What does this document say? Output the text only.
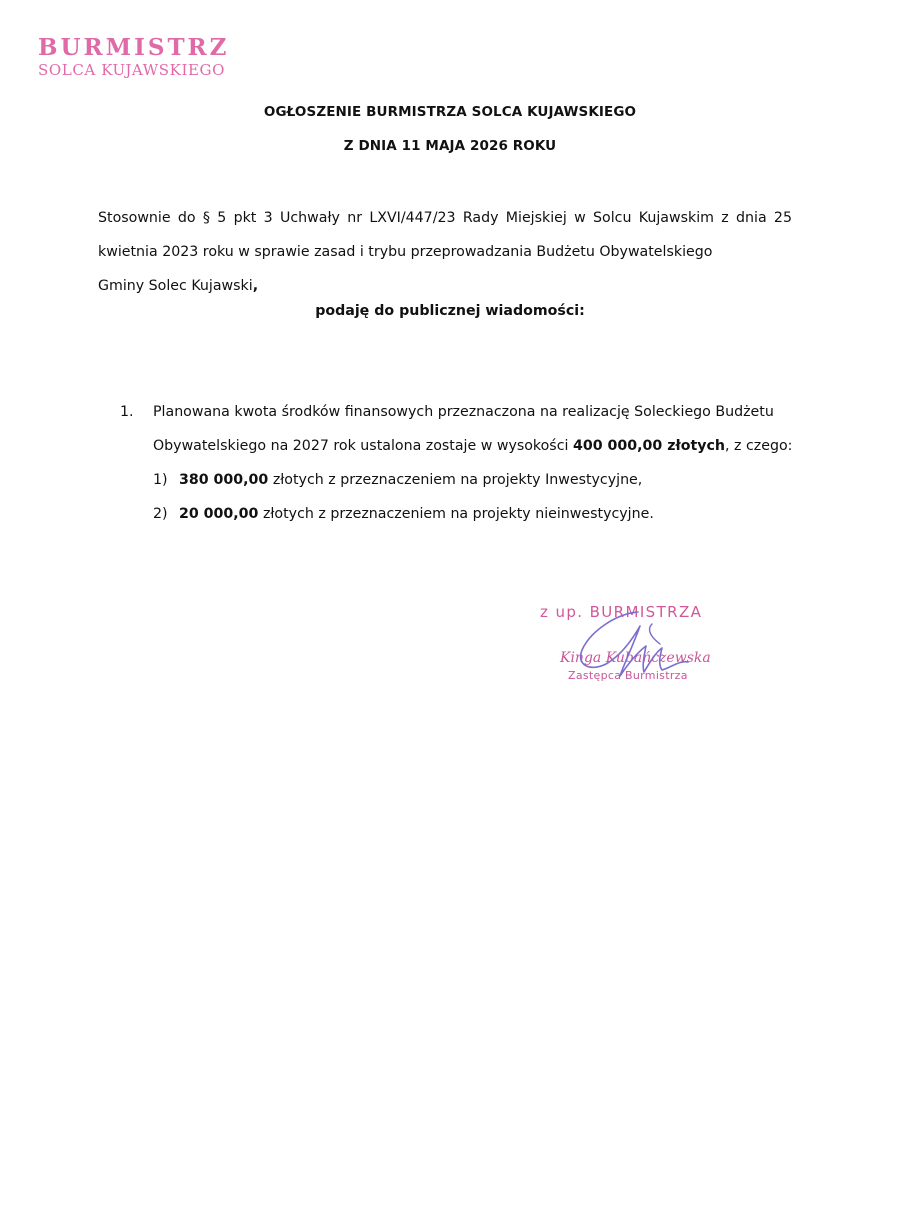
BURMISTRZ
SOLCA KUJAWSKIEGO
OGŁOSZENIE BURMISTRZA SOLCA KUJAWSKIEGO
Z DNIA 11 MAJA 2026 ROKU

Stosownie do § 5 pkt 3 Uchwały nr LXVI/447/23 Rady Miejskiej w Solcu Kujawskim z dnia 25 kwietnia 2023 roku w sprawie zasad i trybu przeprowadzania Budżetu Obywatelskiego

Gminy Solec Kujawski,

podaję do publicznej wiadomości:
1. Planowana kwota środków finansowych przeznaczona na realizację Soleckiego Budżetu Obywatelskiego na 2027 rok ustalona zostaje w wysokości 400 000,00 złotych, z czego:
1) 380 000,00 złotych z przeznaczeniem na projekty Inwestycyjne,
2) 20 000,00 złotych z przeznaczeniem na projekty nieinwestycyjne.
z up. BURMISTRZA
Kinga Kubańczewska
Zastępca Burmistrza
